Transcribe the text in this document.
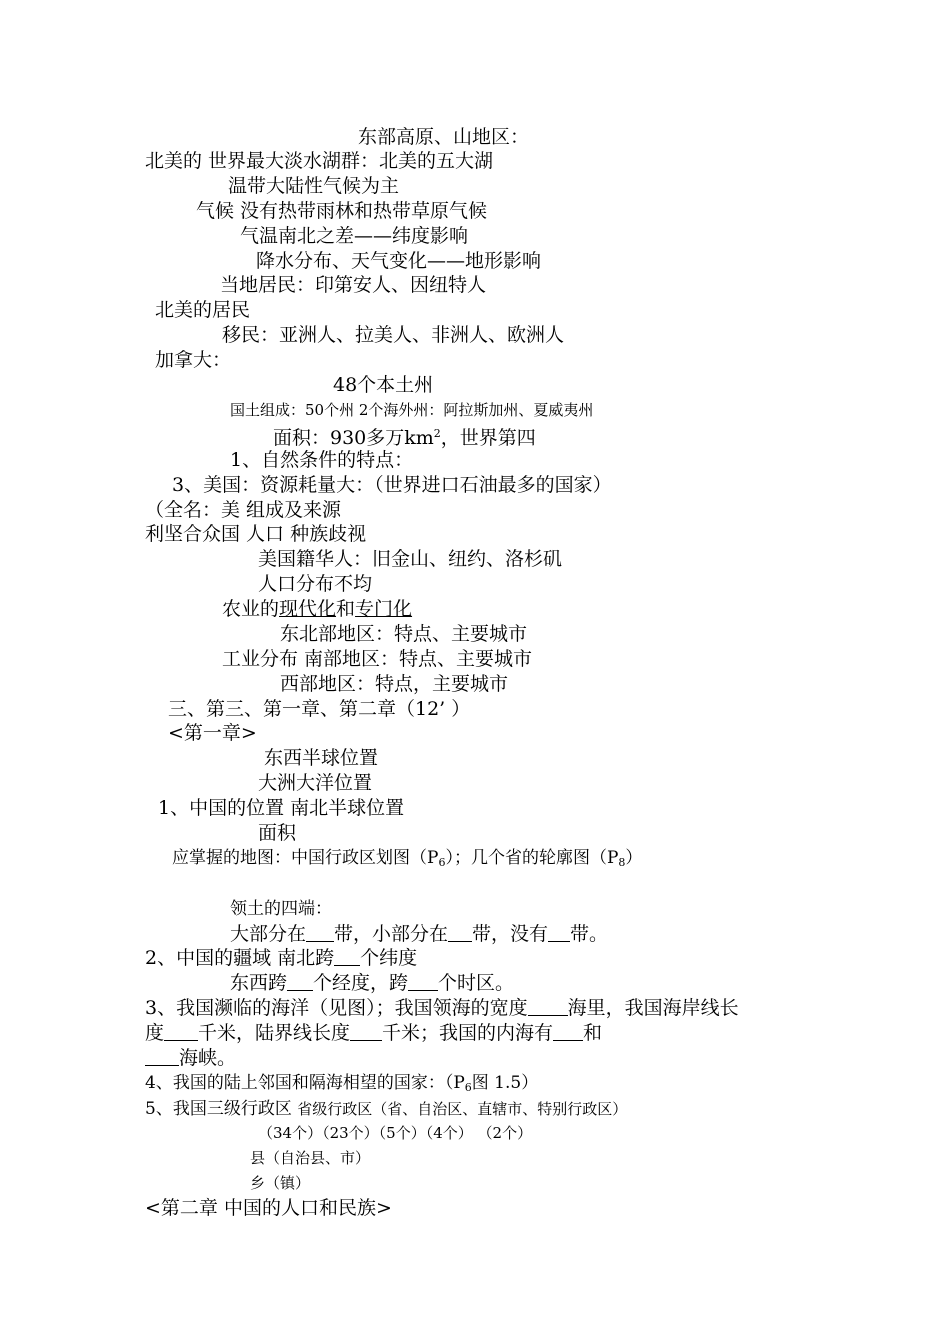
东部高原、山地区：
北美的 世界最大淡水湖群：北美的五大湖
温带大陆性气候为主
气候 没有热带雨林和热带草原气候
气温南北之差——纬度影响
降水分布、天气变化——地形影响
当地居民：印第安人、因纽特人
北美的居民
移民：亚洲人、拉美人、非洲人、欧洲人
加拿大：
48个本土州
国土组成：50个州 2个海外州：阿拉斯加州、夏威夷州
面积：930多万$km^2$，世界第四
1、自然条件的特点：
3、美国：资源耗量大：（世界进口石油最多的国家）
（全名：美 组成及来源
利坚合众国 人口 种族歧视
美国籍华人：旧金山、纽约、洛杉矶
人口分布不均
农业的现代化和专门化
东北部地区：特点、主要城市
工业分布 南部地区：特点、主要城市
西部地区：特点，主要城市
三、第三、第一章、第二章（12’ ）
<第一章>
东西半球位置
大洲大洋位置
1、中国的位置 南北半球位置
面积
应掌握的地图：中国行政区划图$(P_6)$；几个省的轮廓图$(P_8)$
领土的四端：
大部分在 带，小部分在 带，没有 带。
2、中国的疆域 南北跨 个纬度
东西跨 个经度，跨 个时区。
3、我国濒临的海洋（见图）；我国领海的宽度 海里，我国海岸线长
度 千米，陆界线长度 千米；我国的内海有 和
海峡。
4、我国的陆上邻国和隔海相望的国家：（$P_6$图 1.5）
5、我国三级行政区 省级行政区（省、自治区、直辖市、特别行政区）
（34个）（23个）（5个）（4个） （2个）
县（自治县、市）
乡（镇）
<第二章 中国的人口和民族>
